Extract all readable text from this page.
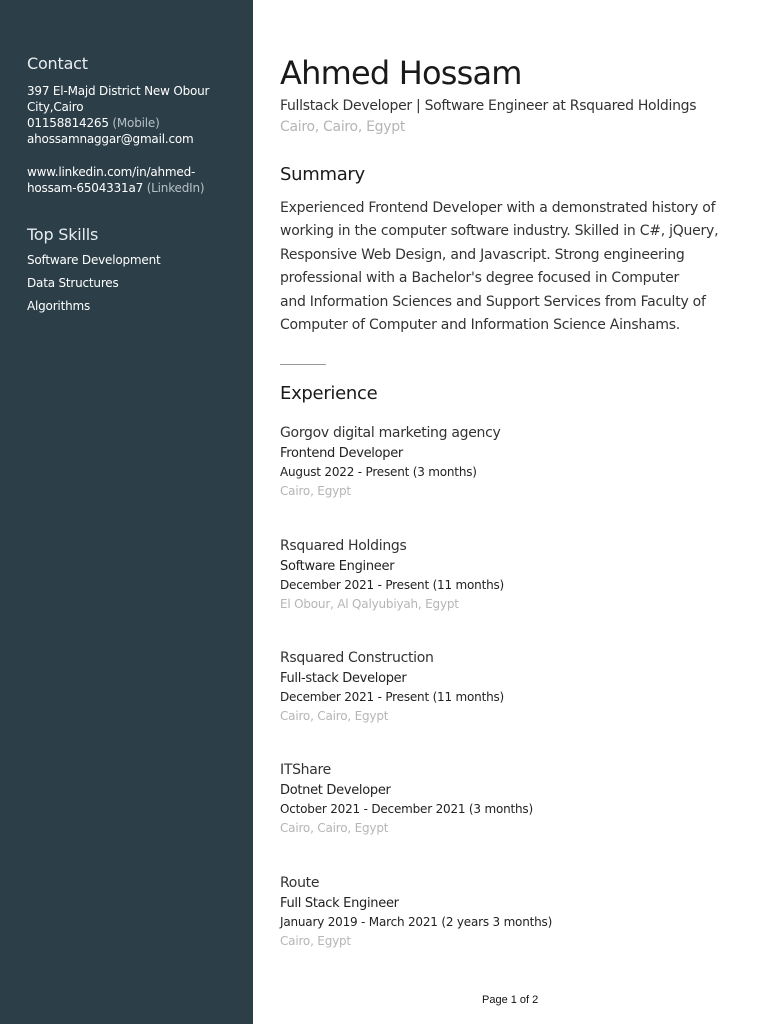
Contact
397 El-Majd District New Obour
City,Cairo
01158814265 (Mobile)
ahossamnaggar@gmail.com
www.linkedin.com/in/ahmed-
hossam-6504331a7 (LinkedIn)
Top Skills
Software Development
Data Structures
Algorithms
Ahmed Hossam
Fullstack Developer | Software Engineer at Rsquared Holdings
Cairo, Cairo, Egypt
Summary
Experienced Frontend Developer with a demonstrated history of
working in the computer software industry. Skilled in C#, jQuery,
Responsive Web Design, and Javascript. Strong engineering
professional with a Bachelor's degree focused in Computer
and Information Sciences and Support Services from Faculty of
Computer of Computer and Information Science Ainshams.
Experience
Gorgov digital marketing agency
Frontend Developer
August 2022 - Present (3 months)
Cairo, Egypt
Rsquared Holdings
Software Engineer
December 2021 - Present (11 months)
El Obour, Al Qalyubiyah, Egypt
Rsquared Construction
Full-stack Developer
December 2021 - Present (11 months)
Cairo, Cairo, Egypt
ITShare
Dotnet Developer
October 2021 - December 2021 (3 months)
Cairo, Cairo, Egypt
Route
Full Stack Engineer
January 2019 - March 2021 (2 years 3 months)
Cairo, Egypt
Page 1 of 2
